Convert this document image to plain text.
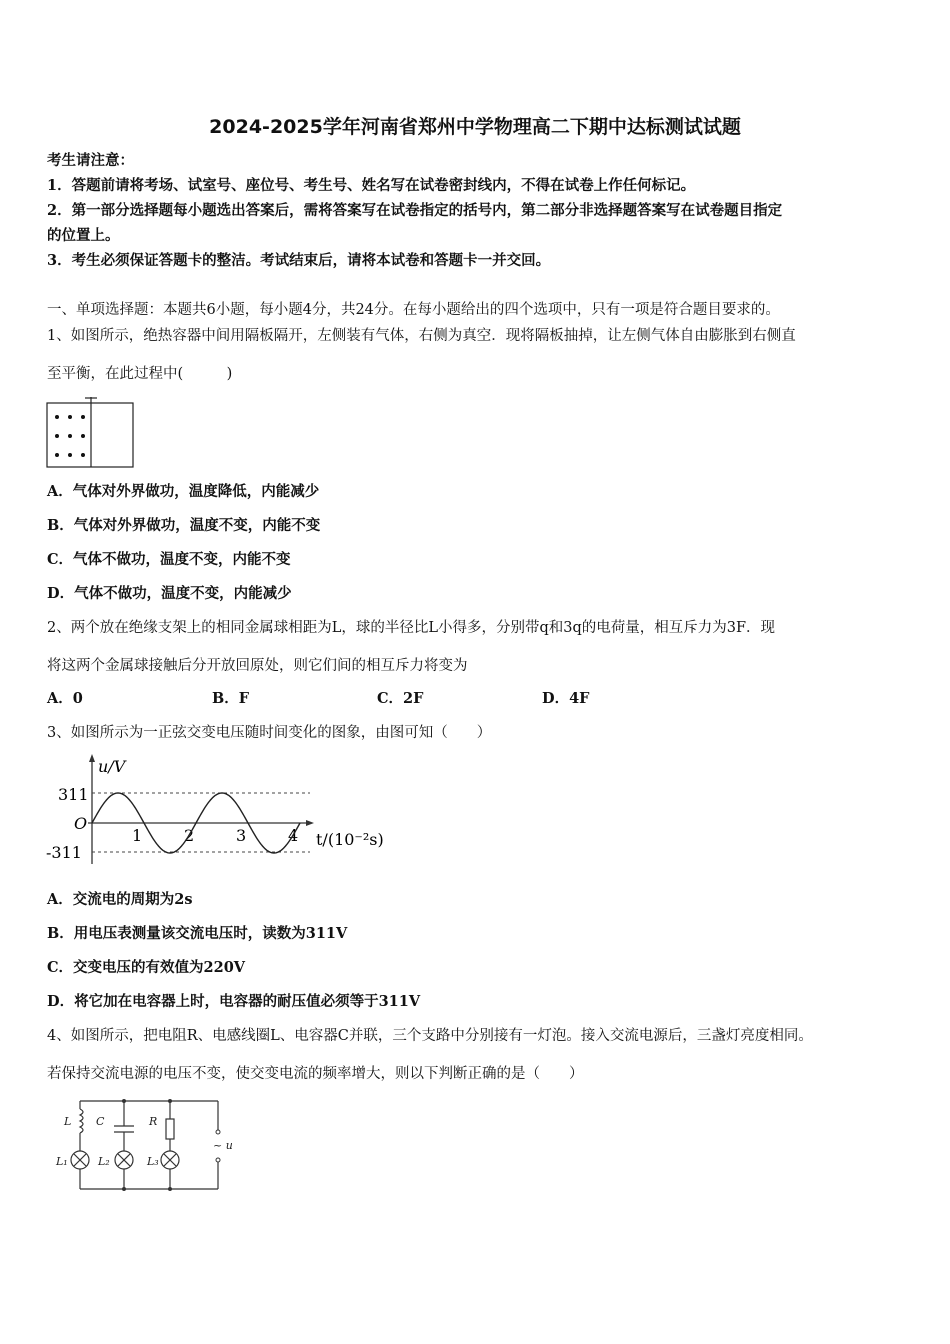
2024-2025学年河南省郑州中学物理高二下期中达标测试试题
考生请注意：
1．答题前请将考场、试室号、座位号、考生号、姓名写在试卷密封线内，不得在试卷上作任何标记。
2．第一部分选择题每小题选出答案后，需将答案写在试卷指定的括号内，第二部分非选择题答案写在试卷题目指定
的位置上。
3．考生必须保证答题卡的整洁。考试结束后，请将本试卷和答题卡一并交回。
一、单项选择题：本题共6小题，每小题4分，共24分。在每小题给出的四个选项中，只有一项是符合题目要求的。
1、如图所示，绝热容器中间用隔板隔开，左侧装有气体，右侧为真空．现将隔板抽掉，让左侧气体自由膨胀到右侧直
至平衡，在此过程中(　　　)
A．气体对外界做功，温度降低，内能减少
B．气体对外界做功，温度不变，内能不变
C．气体不做功，温度不变，内能不变
D．气体不做功，温度不变，内能减少
2、两个放在绝缘支架上的相同金属球相距为L，球的半径比L小得多，分别带q和3q的电荷量，相互斥力为3F．现
将这两个金属球接触后分开放回原处，则它们间的相互斥力将变为
A．0	B．F	C．2F	D．4F
3、如图所示为一正弦交变电压随时间变化的图象，由图可知（　　）
u/V
t/(10⁻²s)
311
O
-311
1	2	3	4
A．交流电的周期为2s
B．用电压表测量该交流电压时，读数为311V
C．交变电压的有效值为220V
D．将它加在电容器上时，电容器的耐压值必须等于311V
4、如图所示，把电阻R、电感线圈L、电容器C并联，三个支路中分别接有一灯泡。接入交流电源后，三盏灯亮度相同。
若保持交流电源的电压不变，使交变电流的频率增大，则以下判断正确的是（　　）
L C	R
L₁	L₂	L₃
~ u
